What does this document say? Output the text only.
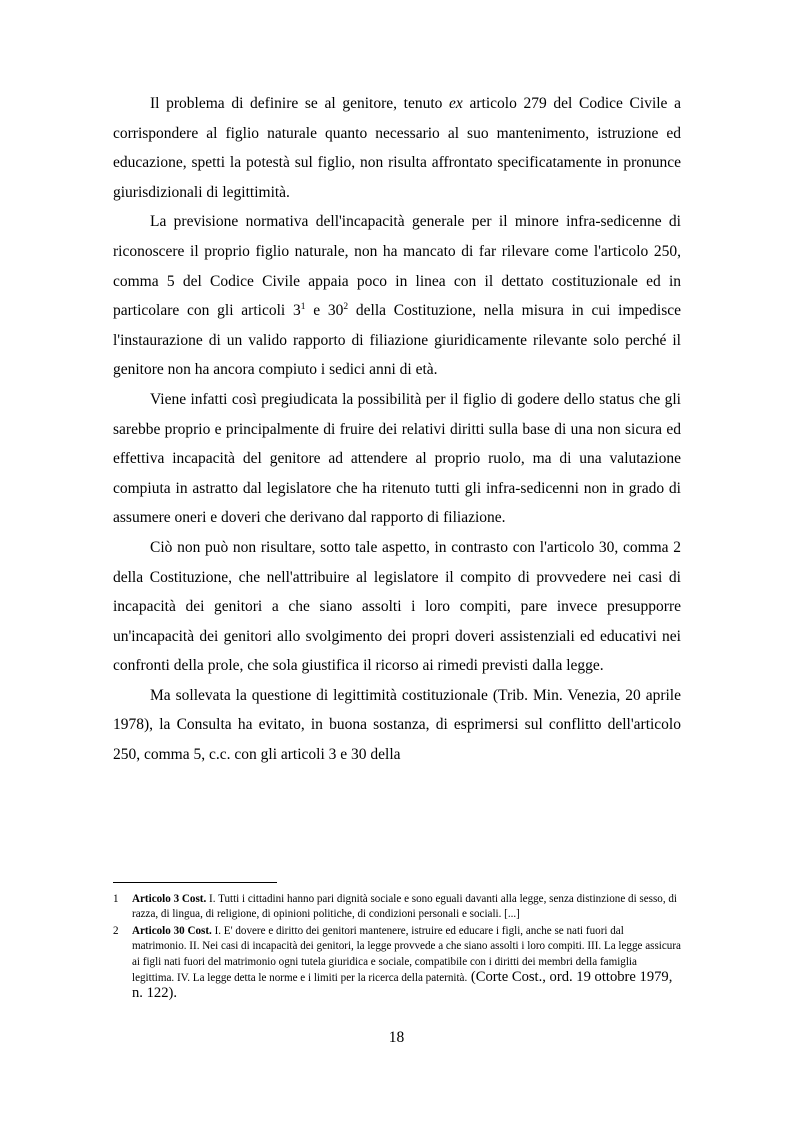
Il problema di definire se al genitore, tenuto ex articolo 279 del Codice Civile a corrispondere al figlio naturale quanto necessario al suo mantenimento, istruzione ed educazione, spetti la potestà sul figlio, non risulta affrontato specificatamente in pronunce giurisdizionali di legittimità.

La previsione normativa dell'incapacità generale per il minore infra-sedicenne di riconoscere il proprio figlio naturale, non ha mancato di far rilevare come l'articolo 250, comma 5 del Codice Civile appaia poco in linea con il dettato costituzionale ed in particolare con gli articoli $3^1$ e $30^2$ della Costituzione, nella misura in cui impedisce l'instaurazione di un valido rapporto di filiazione giuridicamente rilevante solo perché il genitore non ha ancora compiuto i sedici anni di età.

Viene infatti così pregiudicata la possibilità per il figlio di godere dello status che gli sarebbe proprio e principalmente di fruire dei relativi diritti sulla base di una non sicura ed effettiva incapacità del genitore ad attendere al proprio ruolo, ma di una valutazione compiuta in astratto dal legislatore che ha ritenuto tutti gli infra-sedicenni non in grado di assumere oneri e doveri che derivano dal rapporto di filiazione.

Ciò non può non risultare, sotto tale aspetto, in contrasto con l'articolo 30, comma 2 della Costituzione, che nell'attribuire al legislatore il compito di provvedere nei casi di incapacità dei genitori a che siano assolti i loro compiti, pare invece presupporre un'incapacità dei genitori allo svolgimento dei propri doveri assistenziali ed educativi nei confronti della prole, che sola giustifica il ricorso ai rimedi previsti dalla legge.

Ma sollevata la questione di legittimità costituzionale (Trib. Min. Venezia, 20 aprile 1978), la Consulta ha evitato, in buona sostanza, di esprimersi sul conflitto dell'articolo 250, comma 5, c.c. con gli articoli 3 e 30 della

1	Articolo 3 Cost. I. Tutti i cittadini hanno pari dignità sociale e sono eguali davanti alla legge, senza distinzione di sesso, di razza, di lingua, di religione, di opinioni politiche, di condizioni personali e sociali. [...]
2	Articolo 30 Cost. I. E' dovere e diritto dei genitori mantenere, istruire ed educare i figli, anche se nati fuori dal matrimonio. II. Nei casi di incapacità dei genitori, la legge provvede a che siano assolti i loro compiti. III. La legge assicura ai figli nati fuori del matrimonio ogni tutela giuridica e sociale, compatibile con i diritti dei membri della famiglia legittima. IV. La legge detta le norme e i limiti per la ricerca della paternità. (Corte Cost., ord. 19 ottobre 1979, n. 122).
18
